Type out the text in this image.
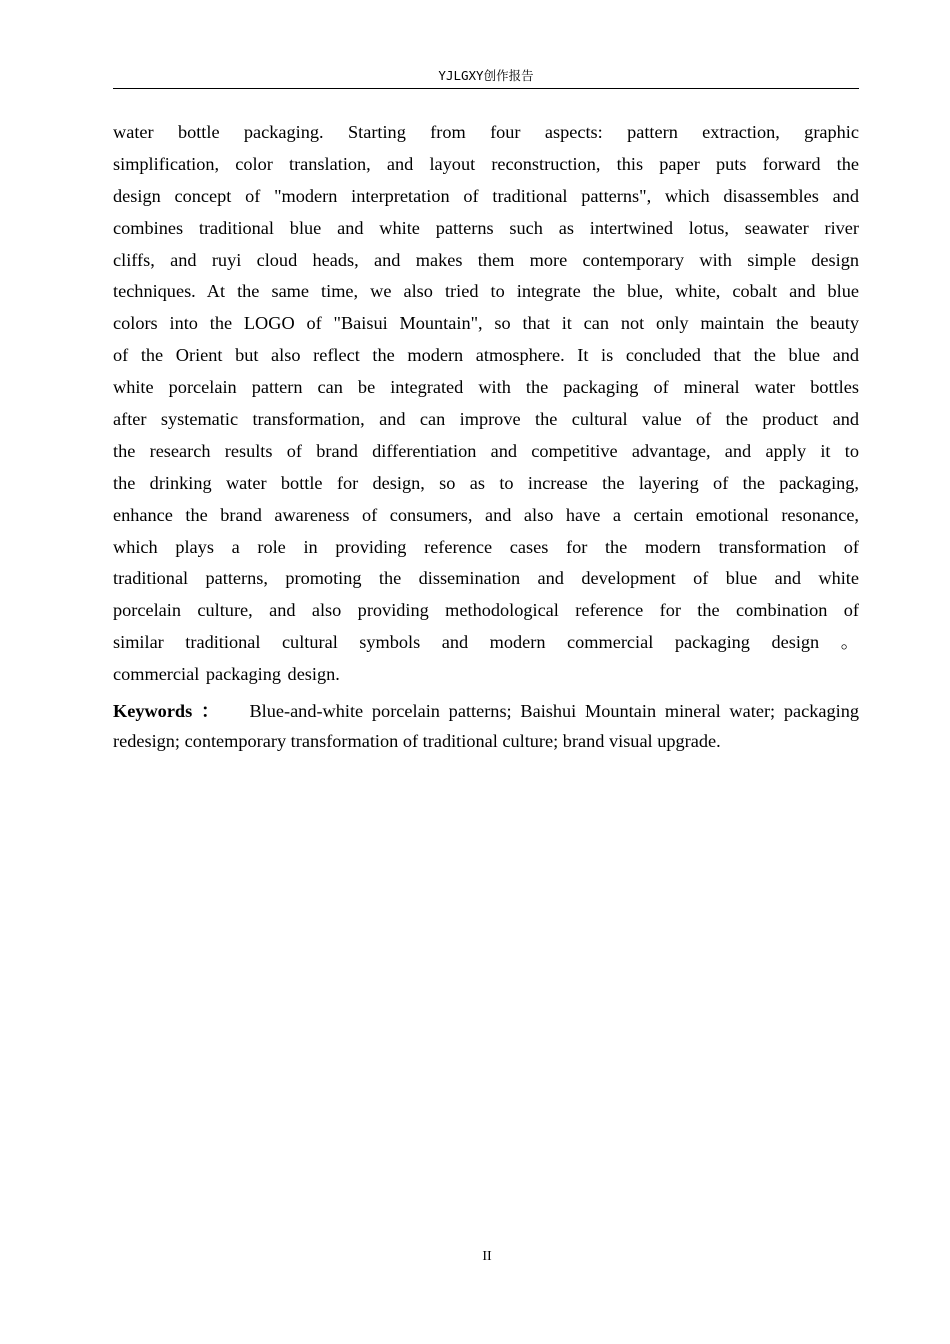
YJLGXY创作报告
water bottle packaging. Starting from four aspects: pattern extraction, graphic
simplification, color translation, and layout reconstruction, this paper puts forward the
design concept of "modern interpretation of traditional patterns", which disassembles and
combines traditional blue and white patterns such as intertwined lotus, seawater river
cliffs, and ruyi cloud heads, and makes them more contemporary with simple design
techniques. At the same time, we also tried to integrate the blue, white, cobalt and blue
colors into the LOGO of "Baisui Mountain", so that it can not only maintain the beauty
of the Orient but also reflect the modern atmosphere. It is concluded that the blue and
white porcelain pattern can be integrated with the packaging of mineral water bottles
after systematic transformation, and can improve the cultural value of the product and
the research results of brand differentiation and competitive advantage, and apply it to
the drinking water bottle for design, so as to increase the layering of the packaging,
enhance the brand awareness of consumers, and also have a certain emotional resonance,
which plays a role in providing reference cases for the modern transformation of
traditional patterns, promoting the dissemination and development of blue and white
porcelain culture, and also providing methodological reference for the combination of
similar traditional cultural symbols and modern commercial packaging design 。
commercial packaging design.
Keywords ： Blue-and-white porcelain patterns; Baishui Mountain mineral water; packaging
redesign; contemporary transformation of traditional culture; brand visual upgrade.
II
